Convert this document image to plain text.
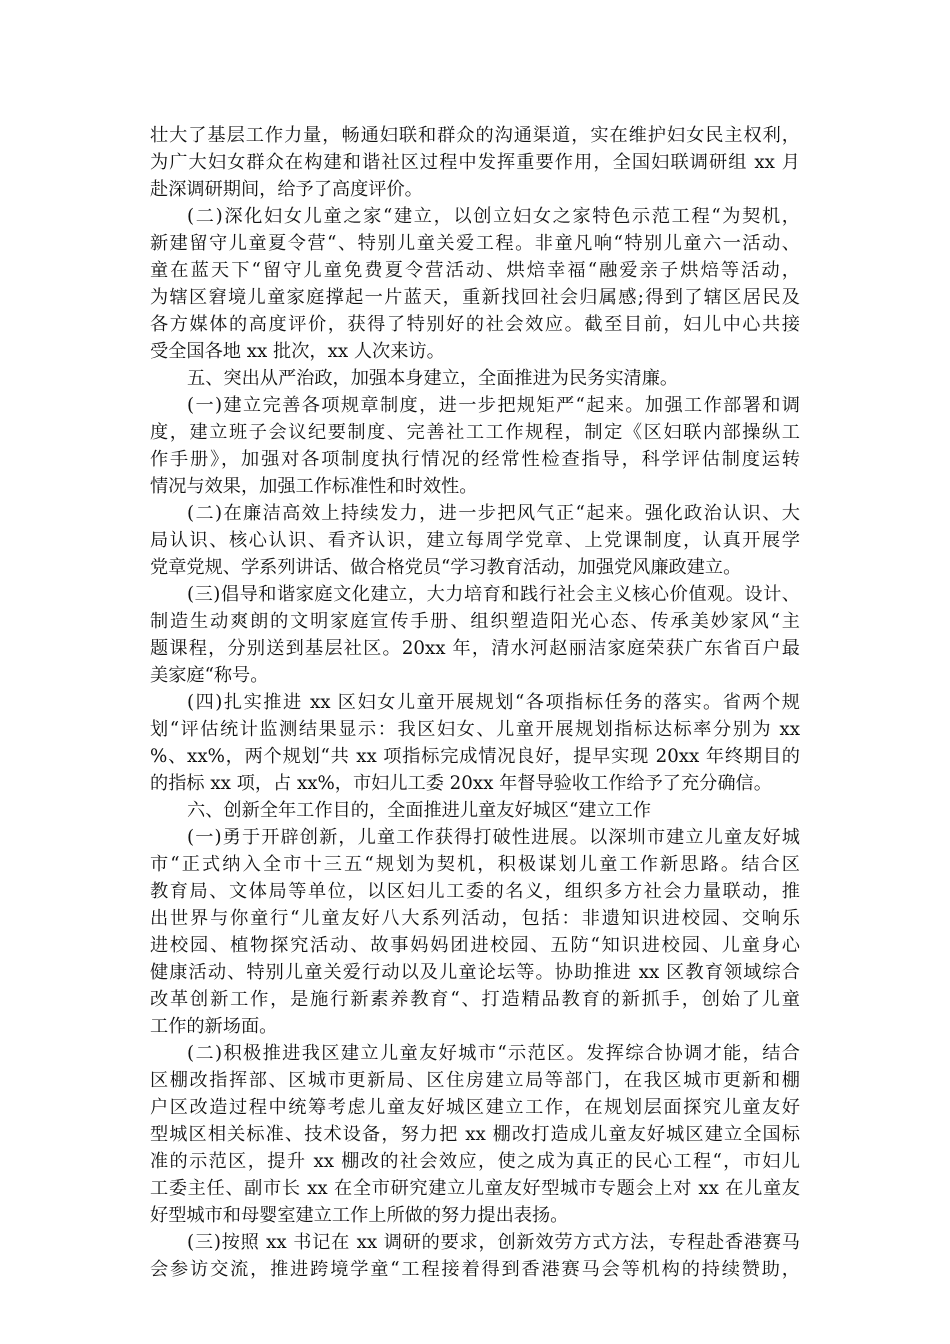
壮大了基层工作力量，畅通妇联和群众的沟通渠道，实在维护妇女民主权利，
为广大妇女群众在构建和谐社区过程中发挥重要作用，全国妇联调研组 xx 月
赴深调研期间，给予了高度评价。
(二)深化妇女儿童之家“建立，以创立妇女之家特色示范工程“为契机，
新建留守儿童夏令营“、特别儿童关爱工程。非童凡响“特别儿童六一活动、
童在蓝天下“留守儿童免费夏令营活动、烘焙幸福“融爱亲子烘焙等活动，
为辖区窘境儿童家庭撑起一片蓝天，重新找回社会归属感;得到了辖区居民及
各方媒体的高度评价，获得了特别好的社会效应。截至目前，妇儿中心共接
受全国各地 xx 批次，xx 人次来访。
五、突出从严治政，加强本身建立，全面推进为民务实清廉。
(一)建立完善各项规章制度，进一步把规矩严“起来。加强工作部署和调
度，建立班子会议纪要制度、完善社工工作规程，制定《区妇联内部操纵工
作手册》，加强对各项制度执行情况的经常性检查指导，科学评估制度运转
情况与效果，加强工作标准性和时效性。
(二)在廉洁高效上持续发力，进一步把风气正“起来。强化政治认识、大
局认识、核心认识、看齐认识，建立每周学党章、上党课制度，认真开展学
党章党规、学系列讲话、做合格党员“学习教育活动，加强党风廉政建立。
(三)倡导和谐家庭文化建立，大力培育和践行社会主义核心价值观。设计、
制造生动爽朗的文明家庭宣传手册、组织塑造阳光心态、传承美妙家风“主
题课程，分别送到基层社区。20xx 年，清水河赵丽洁家庭荣获广东省百户最
美家庭“称号。
(四)扎实推进 xx 区妇女儿童开展规划“各项指标任务的落实。省两个规
划“评估统计监测结果显示：我区妇女、儿童开展规划指标达标率分别为 xx
%、xx%，两个规划“共 xx 项指标完成情况良好，提早实现 20xx 年终期目的
的指标 xx 项，占 xx%，市妇儿工委 20xx 年督导验收工作给予了充分确信。
六、创新全年工作目的，全面推进儿童友好城区“建立工作
(一)勇于开辟创新，儿童工作获得打破性进展。以深圳市建立儿童友好城
市“正式纳入全市十三五“规划为契机，积极谋划儿童工作新思路。结合区
教育局、文体局等单位，以区妇儿工委的名义，组织多方社会力量联动，推
出世界与你童行“儿童友好八大系列活动，包括：非遗知识进校园、交响乐
进校园、植物探究活动、故事妈妈团进校园、五防“知识进校园、儿童身心
健康活动、特别儿童关爱行动以及儿童论坛等。协助推进 xx 区教育领域综合
改革创新工作，是施行新素养教育“、打造精品教育的新抓手，创始了儿童
工作的新场面。
(二)积极推进我区建立儿童友好城市“示范区。发挥综合协调才能，结合
区棚改指挥部、区城市更新局、区住房建立局等部门，在我区城市更新和棚
户区改造过程中统筹考虑儿童友好城区建立工作，在规划层面探究儿童友好
型城区相关标准、技术设备，努力把 xx 棚改打造成儿童友好城区建立全国标
准的示范区，提升 xx 棚改的社会效应，使之成为真正的民心工程“，市妇儿
工委主任、副市长 xx 在全市研究建立儿童友好型城市专题会上对 xx 在儿童友
好型城市和母婴室建立工作上所做的努力提出表扬。
(三)按照 xx 书记在 xx 调研的要求，创新效劳方式方法，专程赴香港赛马
会参访交流，推进跨境学童“工程接着得到香港赛马会等机构的持续赞助，
